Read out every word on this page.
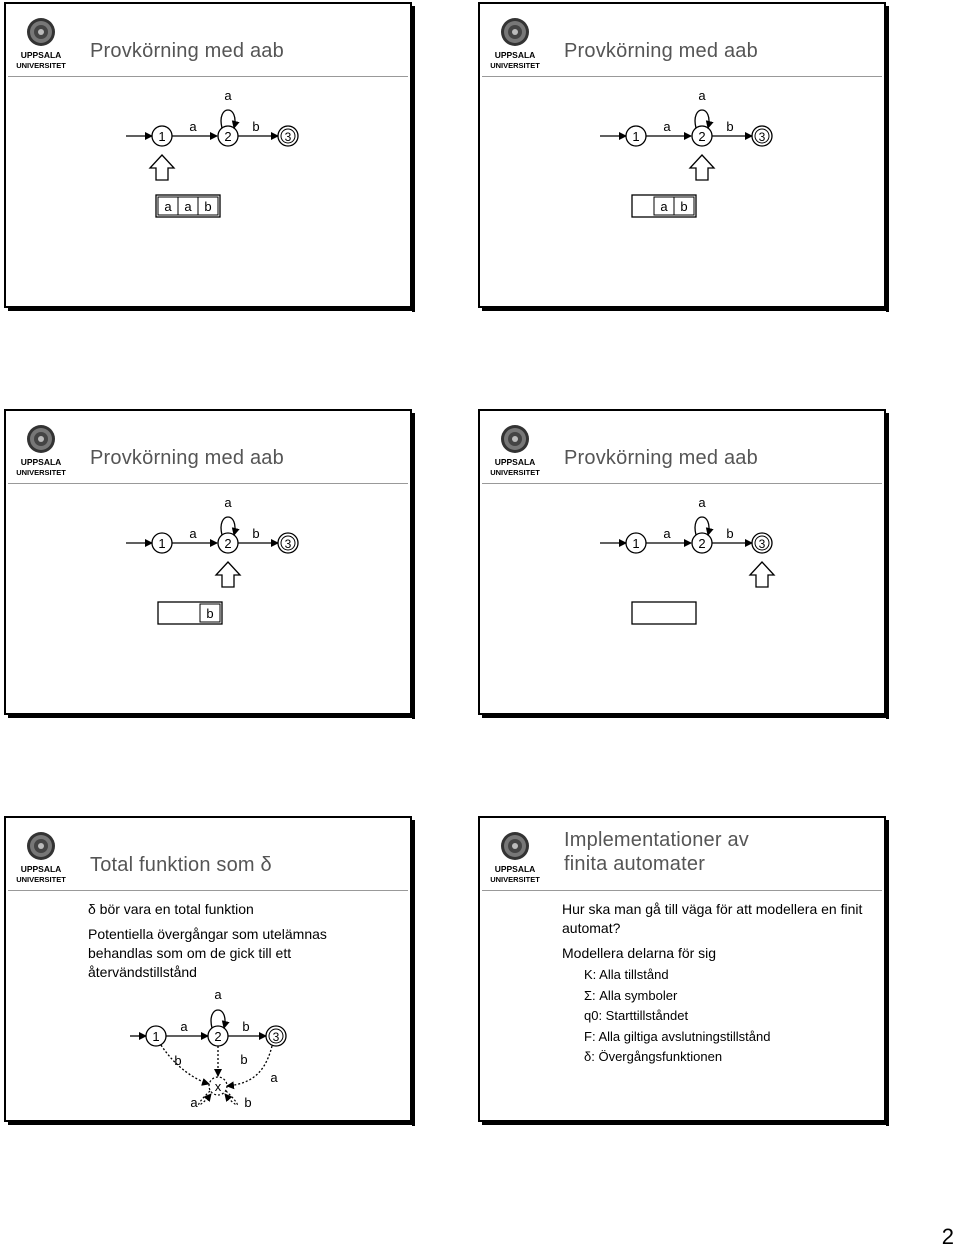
UPPSALA
UNIVERSITET
Provkörning med aab
1
a
2
a
b
3
a a b
UPPSALA
UNIVERSITET
Provkörning med aab
1
a
2
a
b
3
a b
UPPSALA
UNIVERSITET
Provkörning med aab
1
a
2
a
b
3
b
UPPSALA
UNIVERSITET
Provkörning med aab
1
a
2
a
b
3
UPPSALA
UNIVERSITET
Total funktion som δ

δ bör vara en total funktion

Potentiella övergångar som utelämnas behandlas som om de gick till ett återvändstillstånd

1
a
2
a
b
3
x
b	b
a
a	b
UPPSALA
UNIVERSITET
Implementationer av
finita automater

Hur ska man gå till väga för att modellera en finit automat?

Modellera delarna för sig

K: Alla tillstånd
Σ: Alla symboler
q0: Starttillståndet
F: Alla giltiga avslutningstillstånd
δ: Övergångsfunktionen
2
